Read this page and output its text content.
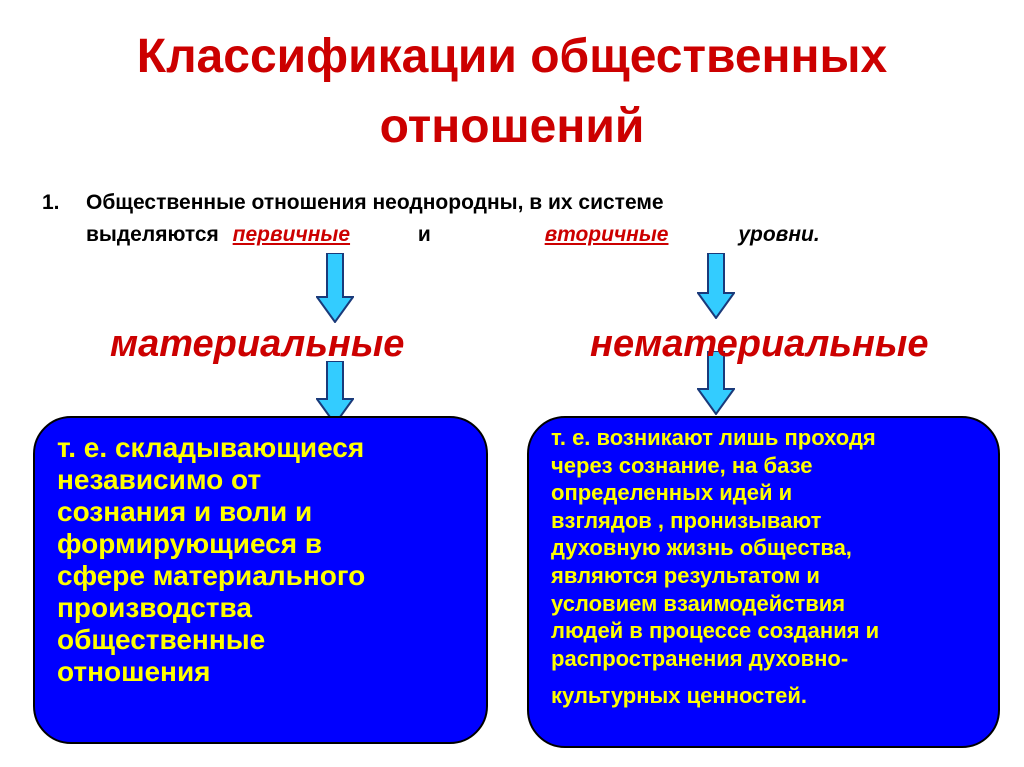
Классификации общественных
отношений
1. Общественные отношения неоднородны, в их системе
выделяются первичные	и	вторичные	уровни.
материальные	нематериальные
т. е. складывающиеся
независимо от
сознания и воли и
формирующиеся в
сфере материального
производства
общественные
отношения
т. е. возникают лишь проходя
через сознание, на базе
определенных идей и
взглядов , пронизывают
духовную жизнь общества,
являются результатом и
условием взаимодействия
людей в процессе создания и
распространения духовно-
культурных ценностей.
